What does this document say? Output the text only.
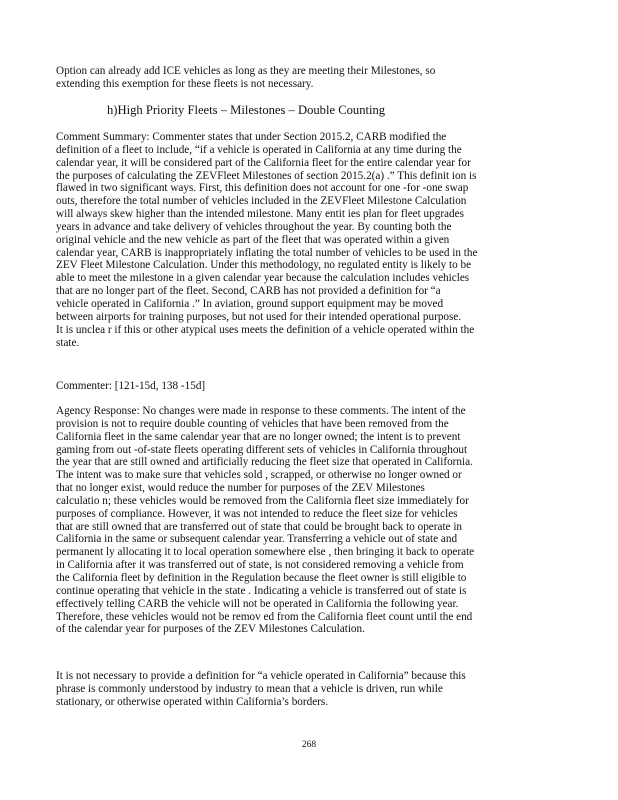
Option can already add ICE vehicles as long as they are meeting their Milestones, so
extending this exemption for these fleets is not necessary.

h)High Priority Fleets – Milestones – Double Counting

Comment Summary: Commenter states that under Section 2015.2, CARB modified the
definition of a fleet to include, “if a vehicle is operated in California at any time during the
calendar year, it will be considered part of the California fleet for the entire calendar year for
the purposes of calculating the ZEVFleet Milestones of section 2015.2(a) .” This definit ion is
flawed in two significant ways. First, this definition does not account for one -for -one swap
outs, therefore the total number of vehicles included in the ZEVFleet Milestone Calculation
will always skew higher than the intended milestone. Many entit ies plan for fleet upgrades
years in advance and take delivery of vehicles throughout the year. By counting both the
original vehicle and the new vehicle as part of the fleet that was operated within a given
calendar year, CARB is inappropriately inflating the total number of vehicles to be used in the
ZEV Fleet Milestone Calculation. Under this methodology, no regulated entity is likely to be
able to meet the milestone in a given calendar year because the calculation includes vehicles
that are no longer part of the fleet. Second, CARB has not provided a definition for “a
vehicle operated in California .” In aviation, ground support equipment may be moved
between airports for training purposes, but not used for their intended operational purpose.
It is unclea r if this or other atypical uses meets the definition of a vehicle operated within the
state.

Commenter: [121-15d, 138 -15d]

Agency Response: No changes were made in response to these comments. The intent of the
provision is not to require double counting of vehicles that have been removed from the
California fleet in the same calendar year that are no longer owned; the intent is to prevent
gaming from out -of-state fleets operating different sets of vehicles in California throughout
the year that are still owned and artificially reducing the fleet size that operated in California.
The intent was to make sure that vehicles sold , scrapped, or otherwise no longer owned or
that no longer exist, would reduce the number for purposes of the ZEV Milestones
calculatio n; these vehicles would be removed from the California fleet size immediately for
purposes of compliance. However, it was not intended to reduce the fleet size for vehicles
that are still owned that are transferred out of state that could be brought back to operate in
California in the same or subsequent calendar year. Transferring a vehicle out of state and
permanent ly allocating it to local operation somewhere else , then bringing it back to operate
in California after it was transferred out of state, is not considered removing a vehicle from
the California fleet by definition in the Regulation because the fleet owner is still eligible to
continue operating that vehicle in the state . Indicating a vehicle is transferred out of state is
effectively telling CARB the vehicle will not be operated in California the following year.
Therefore, these vehicles would not be remov ed from the California fleet count until the end
of the calendar year for purposes of the ZEV Milestones Calculation.

It is not necessary to provide a definition for “a vehicle operated in California” because this
phrase is commonly understood by industry to mean that a vehicle is driven, run while
stationary, or otherwise operated within California’s borders.

268
